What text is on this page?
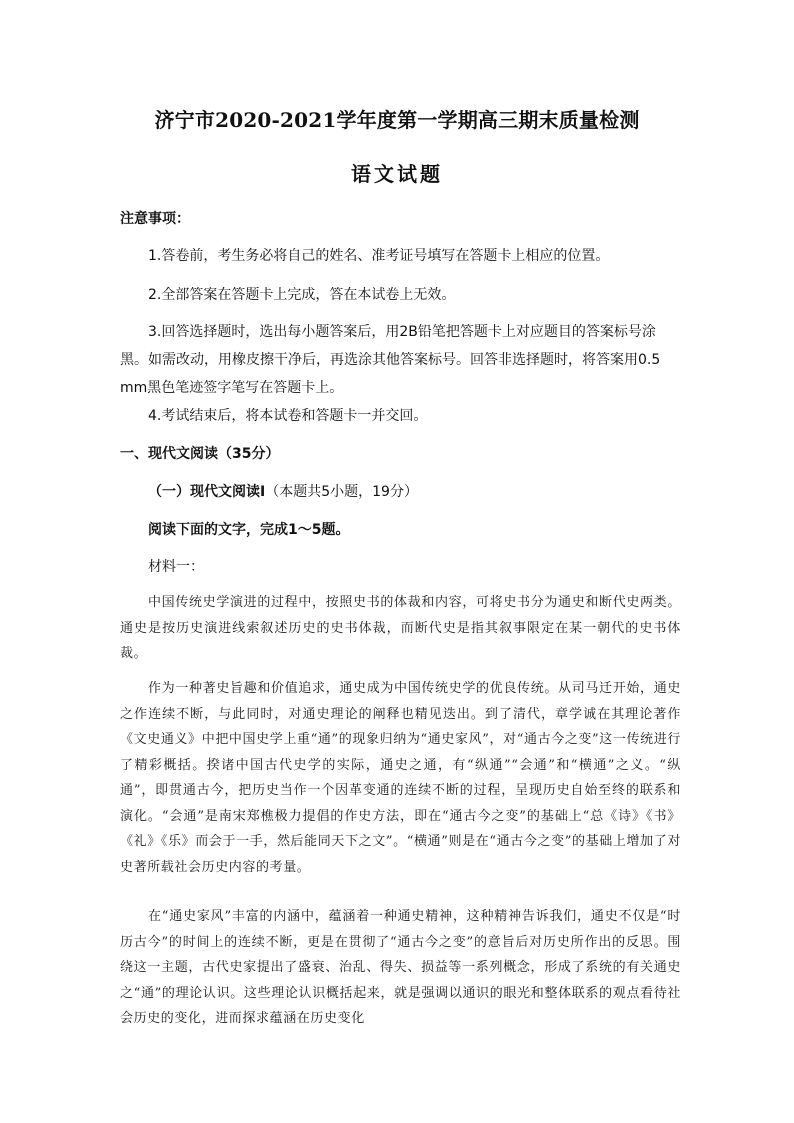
济宁市2020-2021学年度第一学期高三期末质量检测
语文试题
注意事项：

1.答卷前，考生务必将自己的姓名、准考证号填写在答题卡上相应的位置。

2.全部答案在答题卡上完成，答在本试卷上无效。

3.回答选择题时，选出每小题答案后，用2B铅笔把答题卡上对应题目的答案标号涂黑。如需改动，用橡皮擦干净后，再选涂其他答案标号。回答非选择题时，将答案用0.5 mm黑色笔迹签字笔写在答题卡上。

4.考试结束后，将本试卷和答题卡一并交回。

一、现代文阅读（35分）
（一）现代文阅读Ⅰ（本题共5小题，19分）
阅读下面的文字，完成1～5题。
材料一：

中国传统史学演进的过程中，按照史书的体裁和内容，可将史书分为通史和断代史两类。通史是按历史演进线索叙述历史的史书体裁，而断代史是指其叙事限定在某一朝代的史书体裁。

作为一种著史旨趣和价值追求，通史成为中国传统史学的优良传统。从司马迁开始，通史之作连续不断，与此同时，对通史理论的阐释也精见迭出。到了清代，章学诚在其理论著作《文史通义》中把中国史学上重“通”的现象归纳为“通史家风”，对“通古今之变”这一传统进行了精彩概括。揆诸中国古代史学的实际，通史之通，有“纵通”“会通”和“横通”之义。“纵通”，即贯通古今，把历史当作一个因革变通的连续不断的过程，呈现历史自始至终的联系和演化。“会通”是南宋郑樵极力提倡的作史方法，即在“通古今之变”的基础上“总《诗》《书》《礼》《乐》而会于一手，然后能同天下之文”。“横通”则是在“通古今之变”的基础上增加了对史著所载社会历史内容的考量。

在“通史家风”丰富的内涵中，蕴涵着一种通史精神，这种精神告诉我们，通史不仅是“时历古今”的时间上的连续不断，更是在贯彻了“通古今之变”的意旨后对历史所作出的反思。围绕这一主题，古代史家提出了盛衰、治乱、得失、损益等一系列概念，形成了系统的有关通史之“通”的理论认识。这些理论认识概括起来，就是强调以通识的眼光和整体联系的观点看待社会历史的变化，进而探求蕴涵在历史变化
